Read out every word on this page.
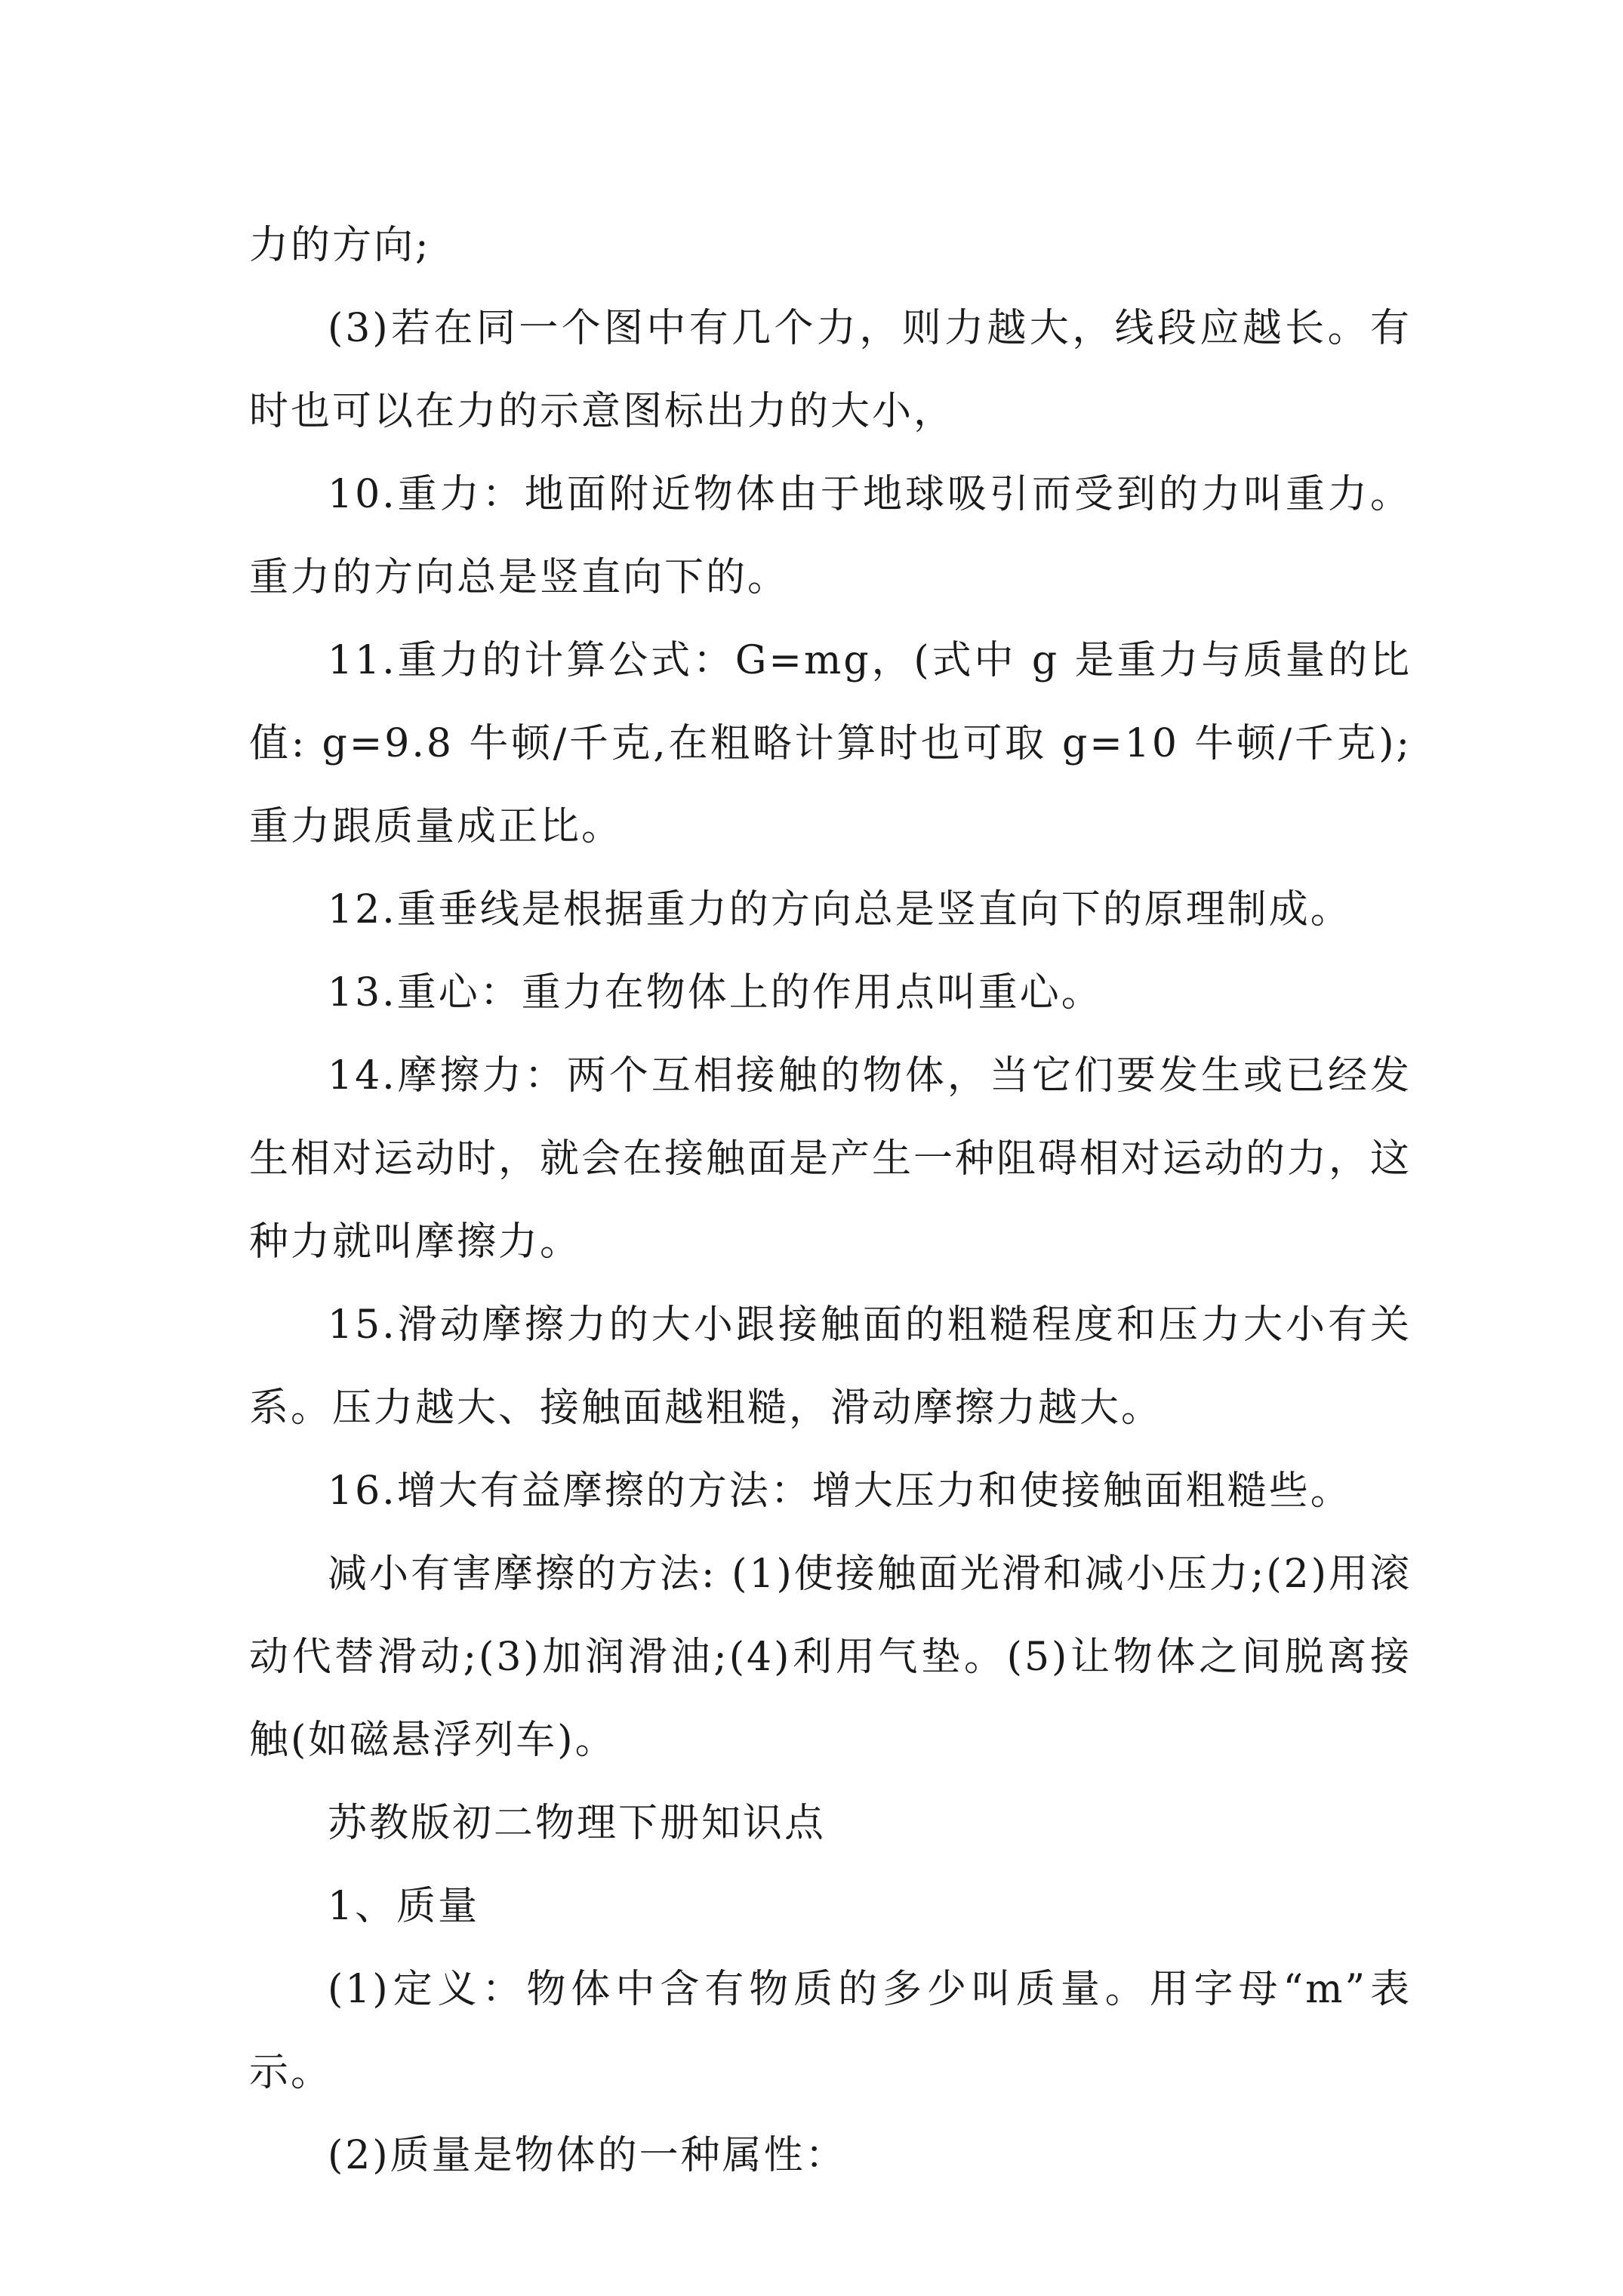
力的方向;

(3)若在同一个图中有几个力，则力越大，线段应越长。有时也可以在力的示意图标出力的大小，

10.重力：地面附近物体由于地球吸引而受到的力叫重力。重力的方向总是竖直向下的。

11.重力的计算公式：G=mg，(式中 g 是重力与质量的比值: g=9.8 牛顿/千克,在粗略计算时也可取 g=10 牛顿/千克);重力跟质量成正比。

12.重垂线是根据重力的方向总是竖直向下的原理制成。

13.重心：重力在物体上的作用点叫重心。

14.摩擦力：两个互相接触的物体，当它们要发生或已经发生相对运动时，就会在接触面是产生一种阻碍相对运动的力，这种力就叫摩擦力。

15.滑动摩擦力的大小跟接触面的粗糙程度和压力大小有关系。压力越大、接触面越粗糙，滑动摩擦力越大。

16.增大有益摩擦的方法：增大压力和使接触面粗糙些。

减小有害摩擦的方法: (1)使接触面光滑和减小压力;(2)用滚动代替滑动;(3)加润滑油;(4)利用气垫。(5)让物体之间脱离接触(如磁悬浮列车)。

苏教版初二物理下册知识点

1、质量

(1)定义：物体中含有物质的多少叫质量。用字母“m”表示。

(2)质量是物体的一种属性：
